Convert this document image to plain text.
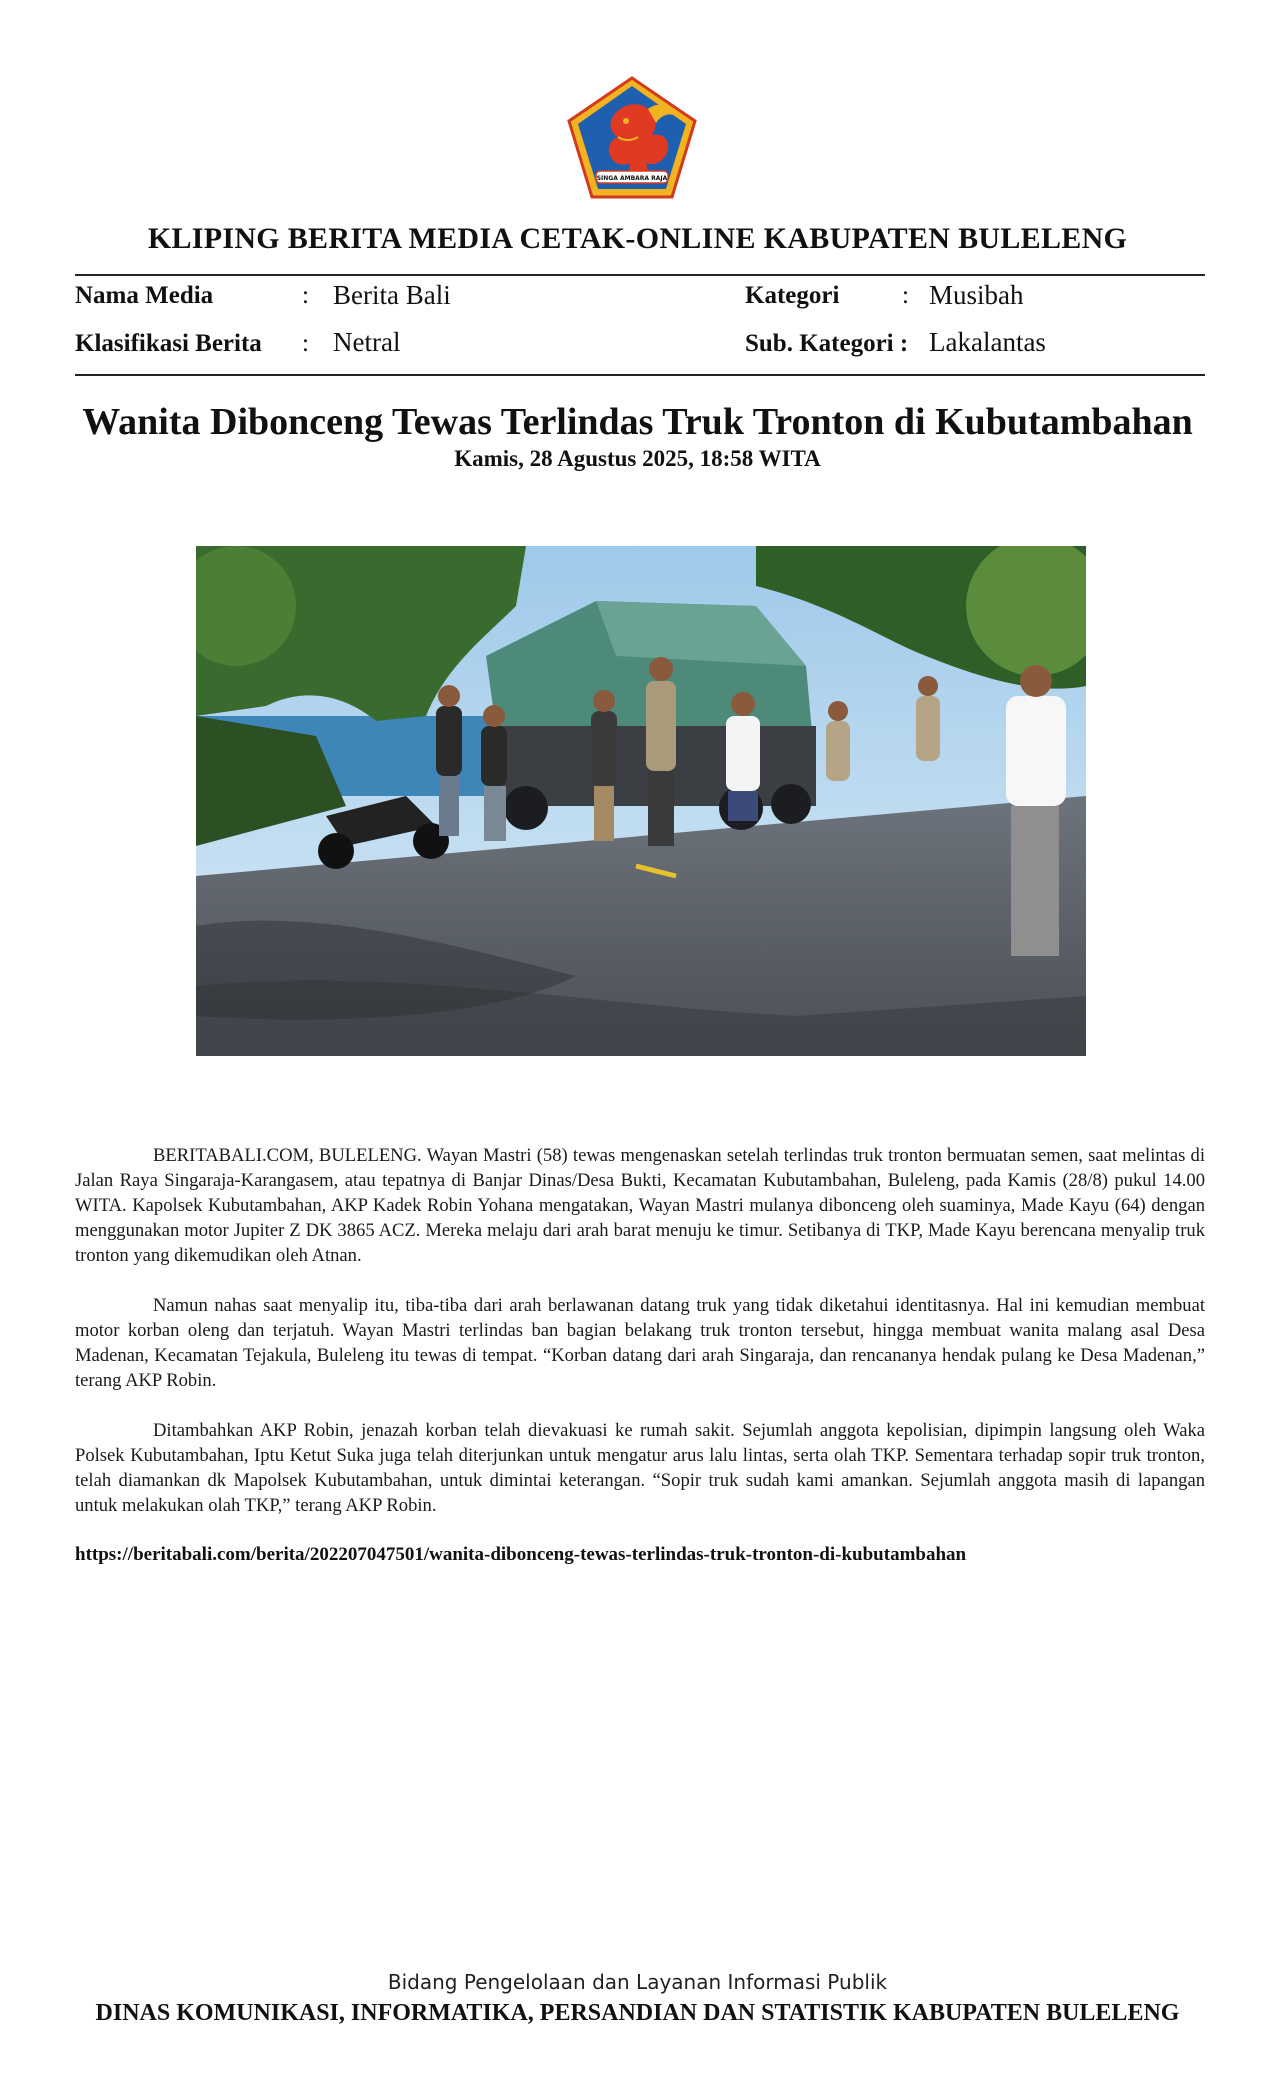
SINGA AMBARA RAJA
KLIPING BERITA MEDIA CETAK-ONLINE KABUPATEN BULELENG
Nama Media	: Berita Bali	Kategori	: Musibah
Klasifikasi Berita : Netral	Sub. Kategori : Lakalantas
Wanita Dibonceng Tewas Terlindas Truk Tronton di Kubutambahan
Kamis, 28 Agustus 2025, 18:58 WITA

BERITABALI.COM, BULELENG. Wayan Mastri (58) tewas mengenaskan setelah terlindas truk tronton bermuatan semen, saat melintas di Jalan Raya Singaraja-Karangasem, atau tepatnya di Banjar Dinas/Desa Bukti, Kecamatan Kubutambahan, Buleleng, pada Kamis (28/8) pukul 14.00 WITA. Kapolsek Kubutambahan, AKP Kadek Robin Yohana mengatakan, Wayan Mastri mulanya dibonceng oleh suaminya, Made Kayu (64) dengan menggunakan motor Jupiter Z DK 3865 ACZ. Mereka melaju dari arah barat menuju ke timur. Setibanya di TKP, Made Kayu berencana menyalip truk tronton yang dikemudikan oleh Atnan.

Namun nahas saat menyalip itu, tiba-tiba dari arah berlawanan datang truk yang tidak diketahui identitasnya. Hal ini kemudian membuat motor korban oleng dan terjatuh. Wayan Mastri terlindas ban bagian belakang truk tronton tersebut, hingga membuat wanita malang asal Desa Madenan, Kecamatan Tejakula, Buleleng itu tewas di tempat. “Korban datang dari arah Singaraja, dan rencananya hendak pulang ke Desa Madenan,” terang AKP Robin.

Ditambahkan AKP Robin, jenazah korban telah dievakuasi ke rumah sakit. Sejumlah anggota kepolisian, dipimpin langsung oleh Waka Polsek Kubutambahan, Iptu Ketut Suka juga telah diterjunkan untuk mengatur arus lalu lintas, serta olah TKP. Sementara terhadap sopir truk tronton, telah diamankan dk Mapolsek Kubutambahan, untuk dimintai keterangan. “Sopir truk sudah kami amankan. Sejumlah anggota masih di lapangan untuk melakukan olah TKP,” terang AKP Robin.

https://beritabali.com/berita/202207047501/wanita-dibonceng-tewas-terlindas-truk-tronton-di-kubutambahan
Bidang Pengelolaan dan Layanan Informasi Publik
DINAS KOMUNIKASI, INFORMATIKA, PERSANDIAN DAN STATISTIK KABUPATEN BULELENG
